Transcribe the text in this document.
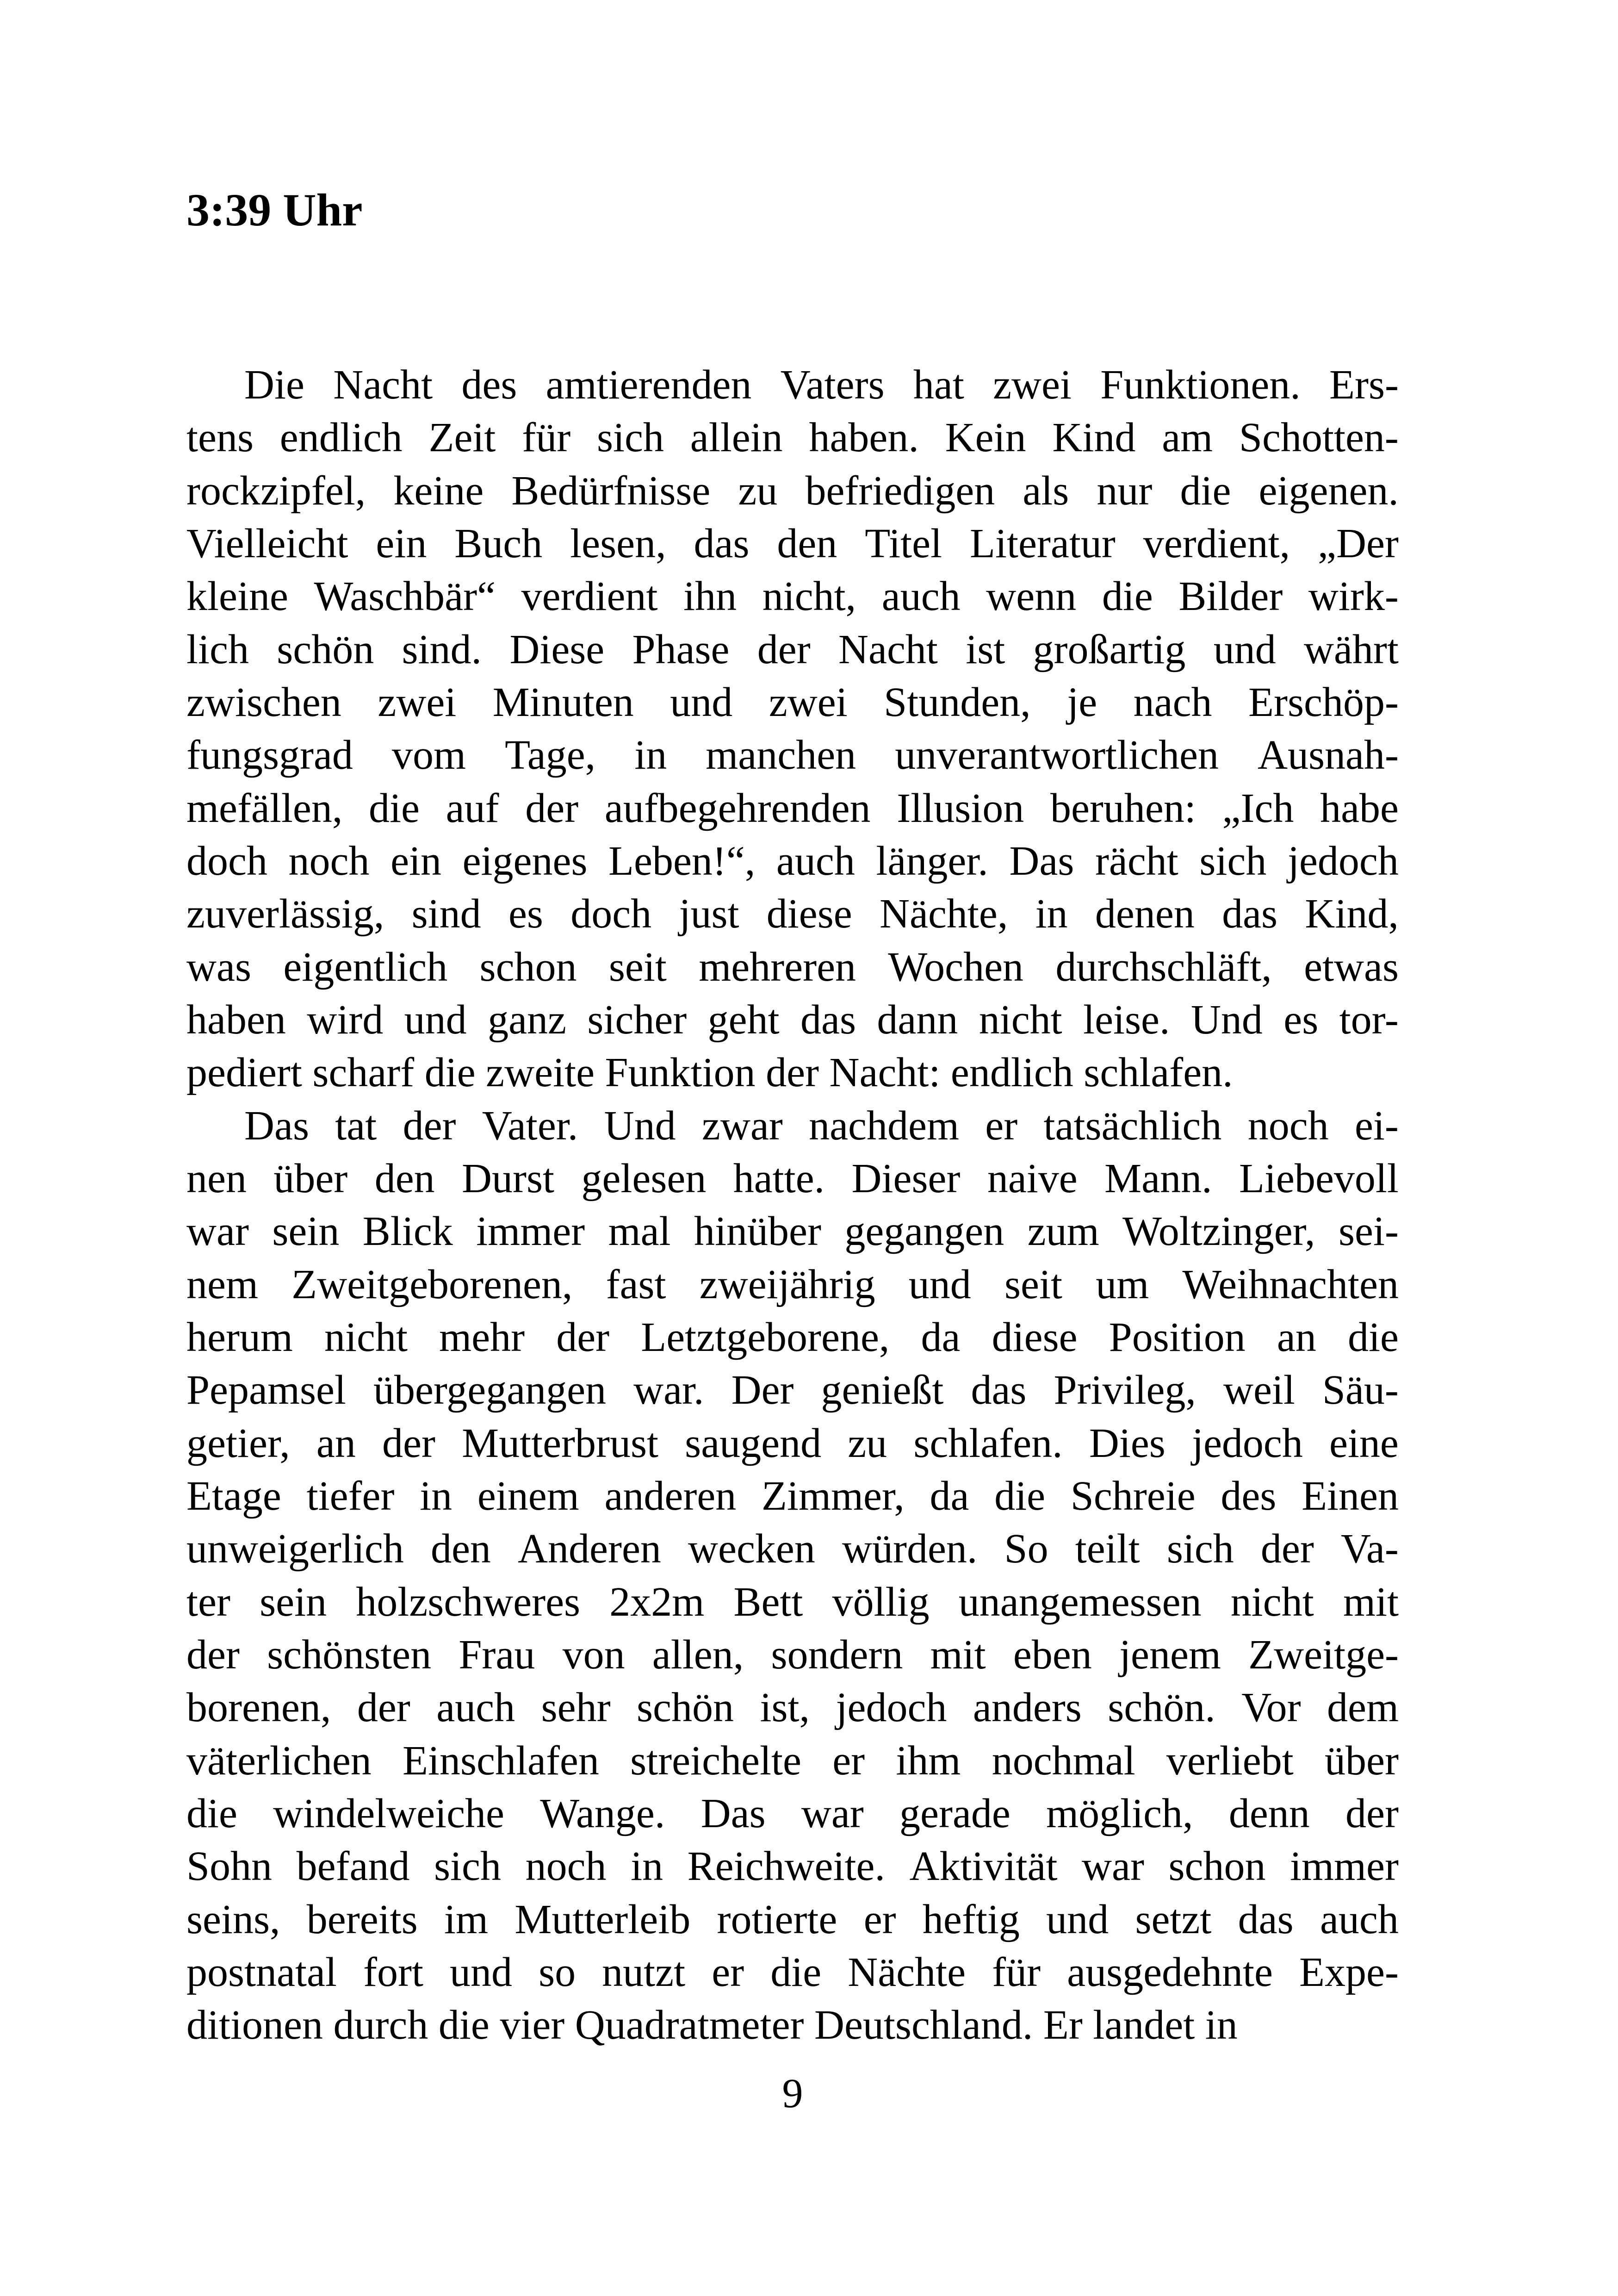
3:39 Uhr
Die Nacht des amtierenden Vaters hat zwei Funktionen. Ers-
tens endlich Zeit für sich allein haben. Kein Kind am Schotten-
rockzipfel, keine Bedürfnisse zu befriedigen als nur die eigenen.
Vielleicht ein Buch lesen, das den Titel Literatur verdient, „Der
kleine Waschbär“ verdient ihn nicht, auch wenn die Bilder wirk-
lich schön sind. Diese Phase der Nacht ist großartig und währt
zwischen zwei Minuten und zwei Stunden, je nach Erschöp-
fungsgrad vom Tage, in manchen unverantwortlichen Ausnah-
mefällen, die auf der aufbegehrenden Illusion beruhen: „Ich habe
doch noch ein eigenes Leben!“, auch länger. Das rächt sich jedoch
zuverlässig, sind es doch just diese Nächte, in denen das Kind,
was eigentlich schon seit mehreren Wochen durchschläft, etwas
haben wird und ganz sicher geht das dann nicht leise. Und es tor-
pediert scharf die zweite Funktion der Nacht: endlich schlafen.
Das tat der Vater. Und zwar nachdem er tatsächlich noch ei-
nen über den Durst gelesen hatte. Dieser naive Mann. Liebevoll
war sein Blick immer mal hinüber gegangen zum Woltzinger, sei-
nem Zweitgeborenen, fast zweijährig und seit um Weihnachten
herum nicht mehr der Letztgeborene, da diese Position an die
Pepamsel übergegangen war. Der genießt das Privileg, weil Säu-
getier, an der Mutterbrust saugend zu schlafen. Dies jedoch eine
Etage tiefer in einem anderen Zimmer, da die Schreie des Einen
unweigerlich den Anderen wecken würden. So teilt sich der Va-
ter sein holzschweres 2x2m Bett völlig unangemessen nicht mit
der schönsten Frau von allen, sondern mit eben jenem Zweitge-
borenen, der auch sehr schön ist, jedoch anders schön. Vor dem
väterlichen Einschlafen streichelte er ihm nochmal verliebt über
die windelweiche Wange. Das war gerade möglich, denn der
Sohn befand sich noch in Reichweite. Aktivität war schon immer
seins, bereits im Mutterleib rotierte er heftig und setzt das auch
postnatal fort und so nutzt er die Nächte für ausgedehnte Expe-
ditionen durch die vier Quadratmeter Deutschland. Er landet in
9
